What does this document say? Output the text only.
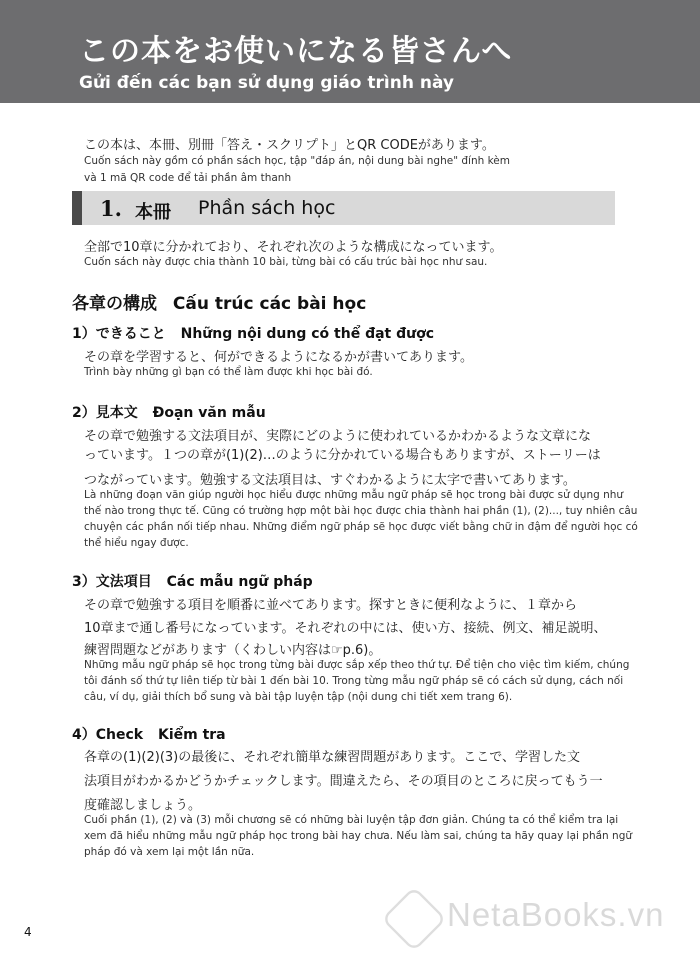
この本をお使いになる皆さんへ
Gửi đến các bạn sử dụng giáo trình này
この本は、本冊、別冊「答え・スクリプト」とQR CODEがあります。
Cuốn sách này gồm có phần sách học, tập "đáp án, nội dung bài nghe" đính kèm
và 1 mã QR code để tải phần âm thanh
1. 本冊 Phần sách học
全部で10章に分かれており、それぞれ次のような構成になっています。
Cuốn sách này được chia thành 10 bài, từng bài có cấu trúc bài học như sau.
各章の構成 Cấu trúc các bài học
1）できること Những nội dung có thể đạt được
その章を学習すると、何ができるようになるかが書いてあります。
Trình bày những gì bạn có thể làm được khi học bài đó.
2）見本文 Đoạn văn mẫu
その章で勉強する文法項目が、実際にどのように使われているかわかるような文章にな
っています。１つの章が(1)(2)…のように分かれている場合もありますが、ストーリーは
つながっています。勉強する文法項目は、すぐわかるように太字で書いてあります。
Là những đoạn văn giúp người học hiểu được những mẫu ngữ pháp sẽ học trong bài được sử dụng như
thế nào trong thực tế. Cũng có trường hợp một bài học được chia thành hai phần (1), (2)..., tuy nhiên câu
chuyện các phần nối tiếp nhau. Những điểm ngữ pháp sẽ học được viết bằng chữ in đậm để người học có
thể hiểu ngay được.
3）文法項目 Các mẫu ngữ pháp
その章で勉強する項目を順番に並べてあります。探すときに便利なように、１章から
10章まで通し番号になっています。それぞれの中には、使い方、接続、例文、補足説明、
練習問題などがあります（くわしい内容は☞p.6)。
Những mẫu ngữ pháp sẽ học trong từng bài được sắp xếp theo thứ tự. Để tiện cho việc tìm kiếm, chúng
tôi đánh số thứ tự liên tiếp từ bài 1 đến bài 10. Trong từng mẫu ngữ pháp sẽ có cách sử dụng, cách nối
câu, ví dụ, giải thích bổ sung và bài tập luyện tập (nội dung chi tiết xem trang 6).
4）Check Kiểm tra
各章の(1)(2)(3)の最後に、それぞれ簡単な練習問題があります。ここで、学習した文
法項目がわかるかどうかチェックします。間違えたら、その項目のところに戻ってもう一
度確認しましょう。
Cuối phần (1), (2) và (3) mỗi chương sẽ có những bài luyện tập đơn giản. Chúng ta có thể kiểm tra lại
xem đã hiểu những mẫu ngữ pháp học trong bài hay chưa. Nếu làm sai, chúng ta hãy quay lại phần ngữ
pháp đó và xem lại một lần nữa.
4	NetaBooks.vn
